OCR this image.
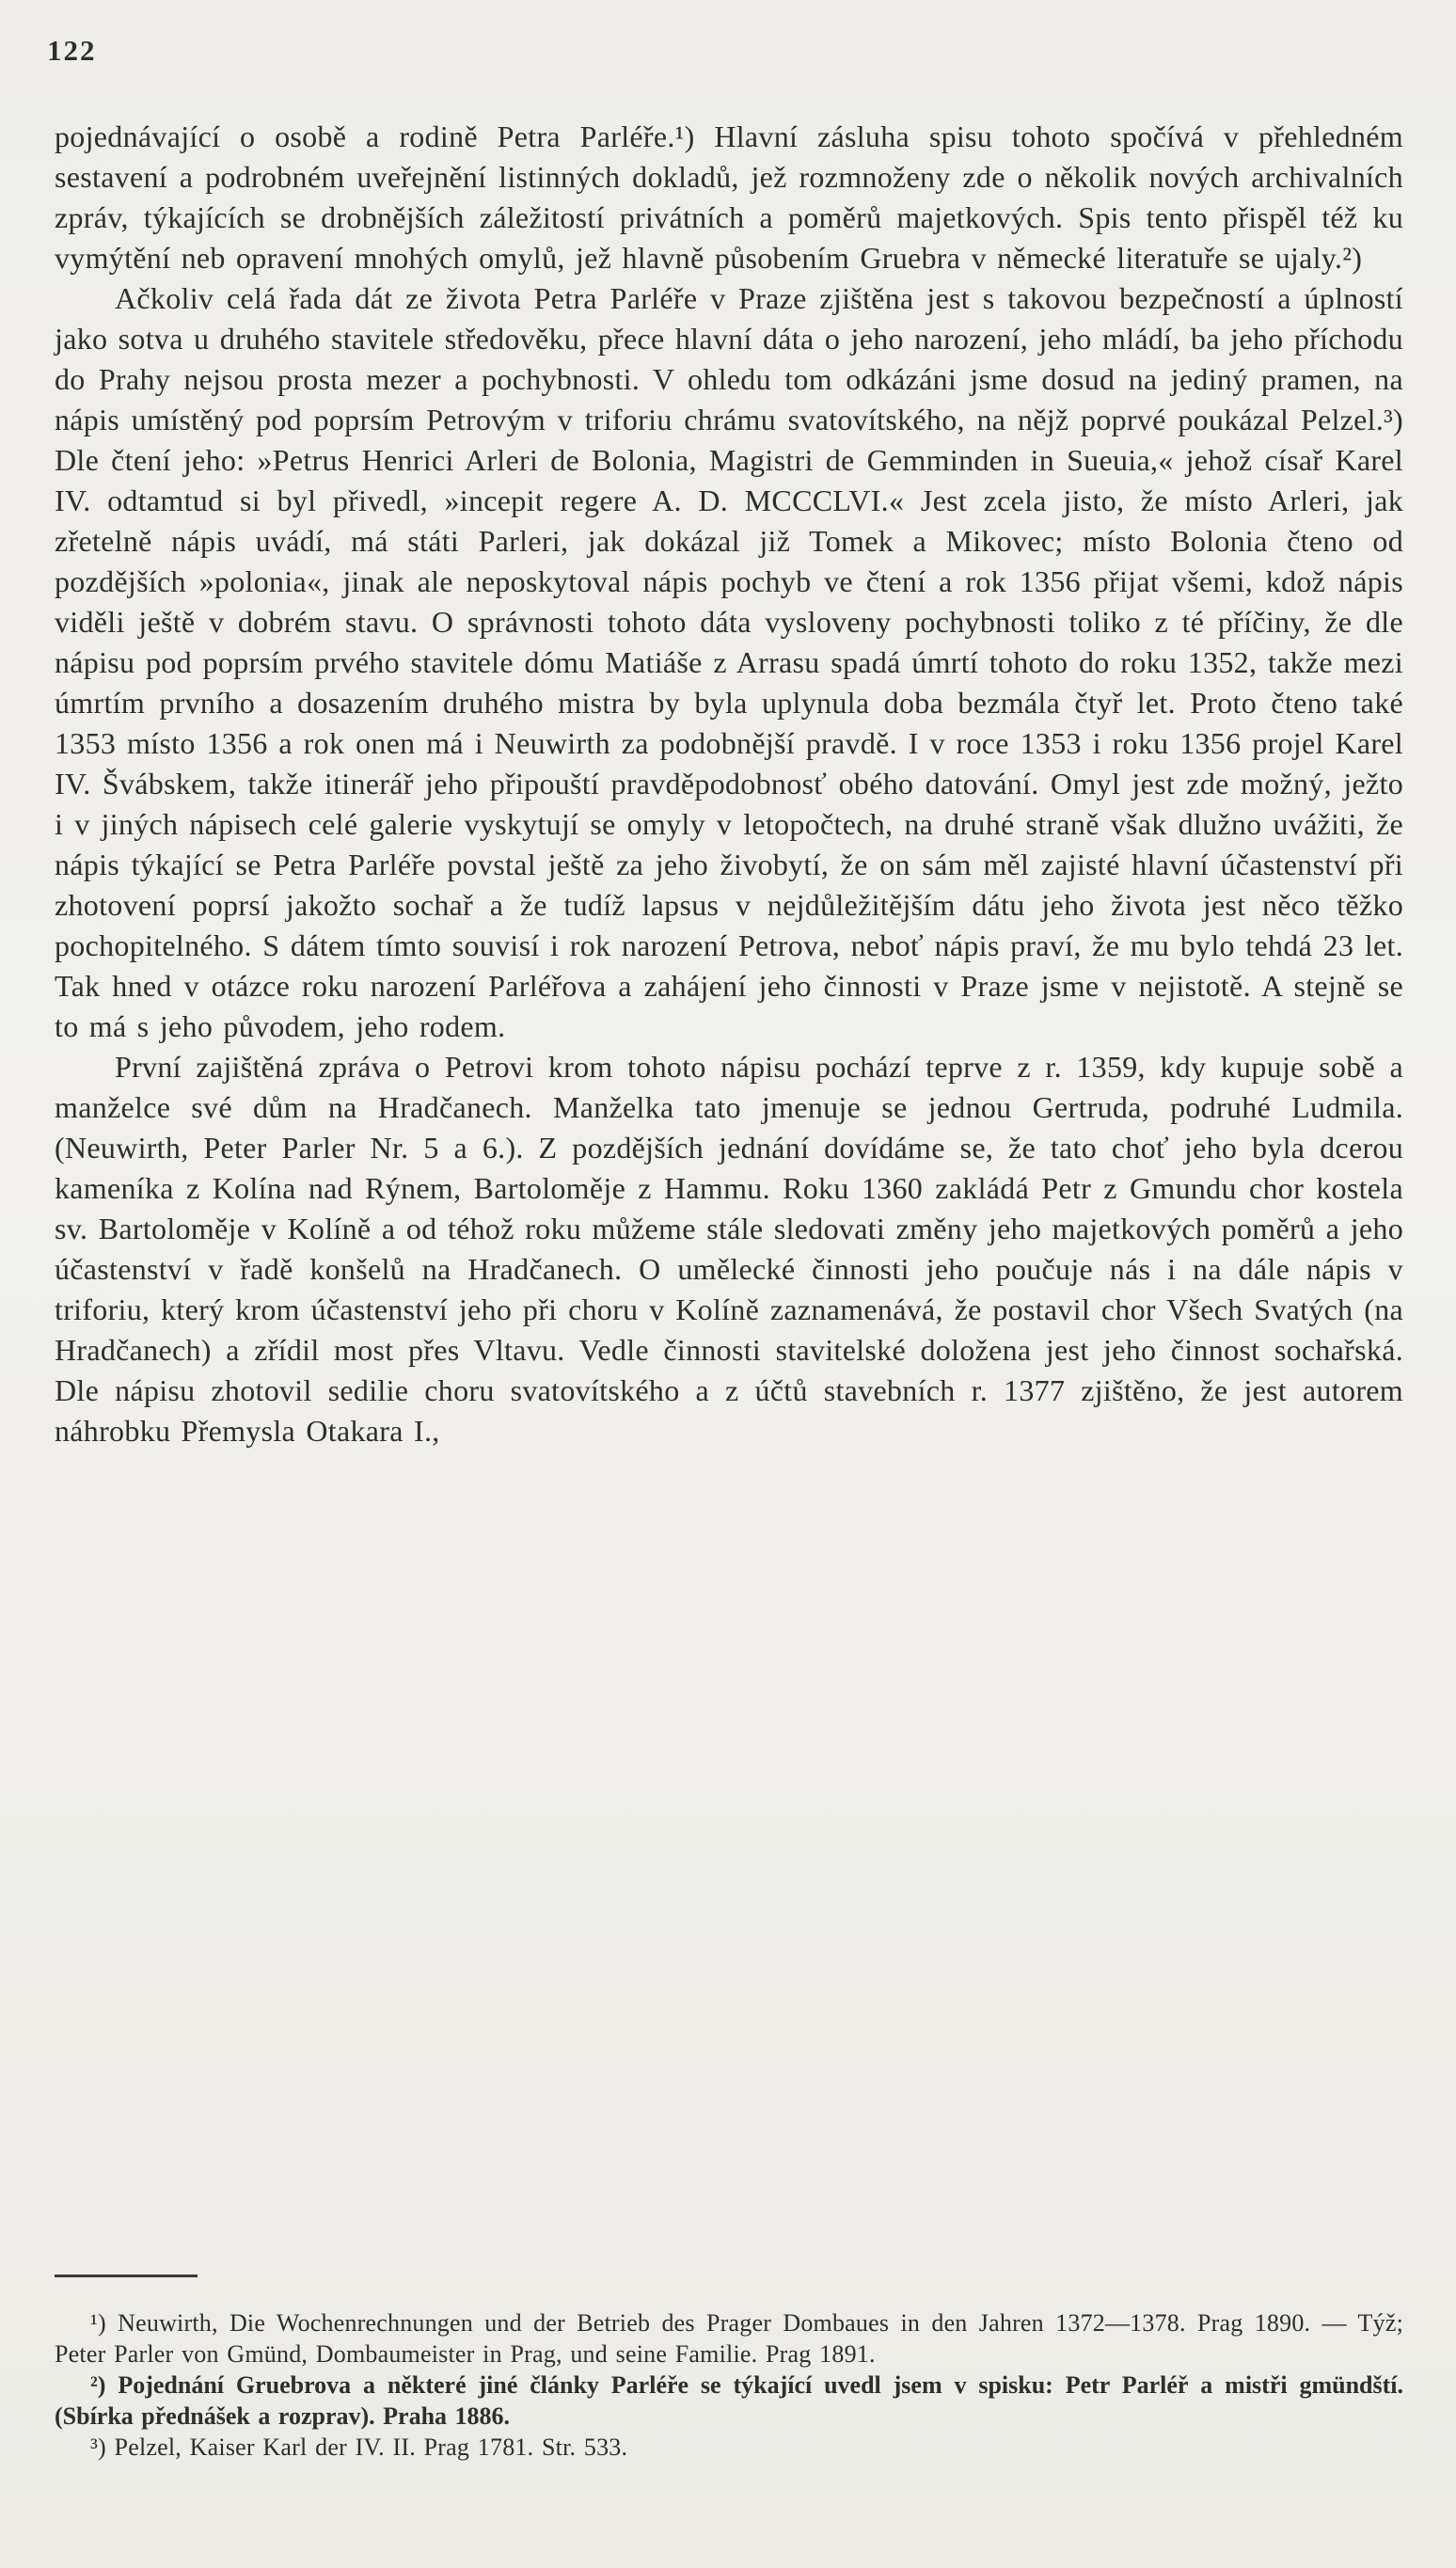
122

pojednávající o osobě a rodině Petra Parléře.¹) Hlavní zásluha spisu tohoto spočívá v přehledném sestavení a podrobném uveřejnění listinných dokladů, jež rozmnoženy zde o několik nových archivalních zpráv, týkajících se drobnějších záležitostí privátních a poměrů majetkových. Spis tento přispěl též ku vymýtění neb opravení mnohých omylů, jež hlavně působením Gruebra v německé literatuře se ujaly.²)

Ačkoliv celá řada dát ze života Petra Parléře v Praze zjištěna jest s takovou bezpečností a úplností jako sotva u druhého stavitele středověku, přece hlavní dáta o jeho narození, jeho mládí, ba jeho příchodu do Prahy nejsou prosta mezer a pochybnosti. V ohledu tom odkázáni jsme dosud na jediný pramen, na nápis umístěný pod poprsím Petrovým v triforiu chrámu svatovítského, na nějž poprvé poukázal Pelzel.³) Dle čtení jeho: »Petrus Henrici Arleri de Bolonia, Magistri de Gemminden in Sueuia,« jehož císař Karel IV. odtamtud si byl přivedl, »incepit regere A. D. MCCCLVI.« Jest zcela jisto, že místo Arleri, jak zřetelně nápis uvádí, má státi Parleri, jak dokázal již Tomek a Mikovec; místo Bolonia čteno od pozdějších »polonia«, jinak ale neposkytoval nápis pochyb ve čtení a rok 1356 přijat všemi, kdož nápis viděli ještě v dobrém stavu. O správnosti tohoto dáta vysloveny pochybnosti toliko z té příčiny, že dle nápisu pod poprsím prvého stavitele dómu Matiáše z Arrasu spadá úmrtí tohoto do roku 1352, takže mezi úmrtím prvního a dosazením druhého mistra by byla uplynula doba bezmála čtyř let. Proto čteno také 1353 místo 1356 a rok onen má i Neuwirth za podobnější pravdě. I v roce 1353 i roku 1356 projel Karel IV. Švábskem, takže itinerář jeho připouští pravděpodobnosť obého datování. Omyl jest zde možný, ježto i v jiných nápisech celé galerie vyskytují se omyly v letopočtech, na druhé straně však dlužno uvážiti, že nápis týkající se Petra Parléře povstal ještě za jeho živobytí, že on sám měl zajisté hlavní účastenství při zhotovení poprsí jakožto sochař a že tudíž lapsus v nejdůležitějším dátu jeho života jest něco těžko pochopitelného. S dátem tímto souvisí i rok narození Petrova, neboť nápis praví, že mu bylo tehdá 23 let. Tak hned v otázce roku narození Parléřova a zahájení jeho činnosti v Praze jsme v nejistotě. A stejně se to má s jeho původem, jeho rodem.

První zajištěná zpráva o Petrovi krom tohoto nápisu pochází teprve z r. 1359, kdy kupuje sobě a manželce své dům na Hradčanech. Manželka tato jmenuje se jednou Gertruda, podruhé Ludmila. (Neuwirth, Peter Parler Nr. 5 a 6.). Z pozdějších jednání dovídáme se, že tato choť jeho byla dcerou kameníka z Kolína nad Rýnem, Bartoloměje z Hammu. Roku 1360 zakládá Petr z Gmundu chor kostela sv. Bartoloměje v Kolíně a od téhož roku můžeme stále sledovati změny jeho majetkových poměrů a jeho účastenství v řadě konšelů na Hradčanech. O umělecké činnosti jeho poučuje nás i na dále nápis v triforiu, který krom účastenství jeho při choru v Kolíně zaznamenává, že postavil chor Všech Svatých (na Hradčanech) a zřídil most přes Vltavu. Vedle činnosti stavitelské doložena jest jeho činnost sochařská. Dle nápisu zhotovil sedilie choru svatovítského a z účtů stavebních r. 1377 zjištěno, že jest autorem náhrobku Přemysla Otakara I.,

¹) Neuwirth, Die Wochenrechnungen und der Betrieb des Prager Dombaues in den Jahren 1372—1378. Prag 1890. — Týž; Peter Parler von Gmünd, Dombaumeister in Prag, und seine Familie. Prag 1891.

²) Pojednání Gruebrova a některé jiné články Parléře se týkající uvedl jsem v spisku: Petr Parléř a mistři gmündští. (Sbírka přednášek a rozprav). Praha 1886.

³) Pelzel, Kaiser Karl der IV. II. Prag 1781. Str. 533.
